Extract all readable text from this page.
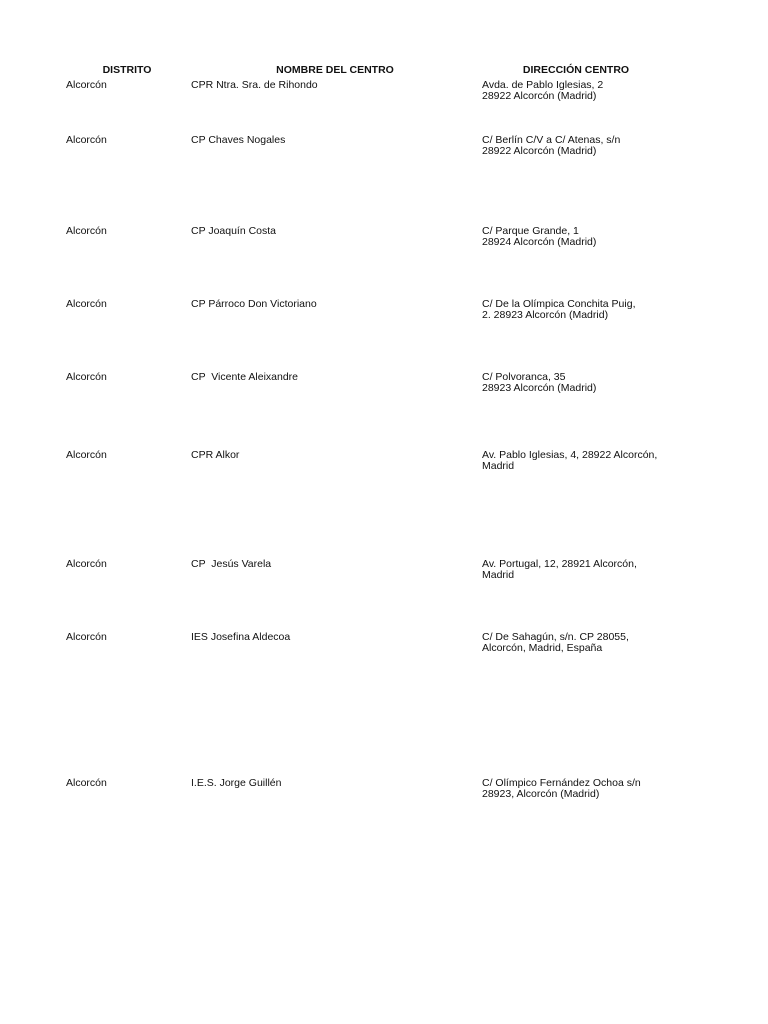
DISTRITO	NOMBRE DEL CENTRO	DIRECCIÓN CENTRO
Alcorcón	CPR Ntra. Sra. de Rihondo	Avda. de Pablo Iglesias, 2
28922 Alcorcón (Madrid)
Alcorcón	CP Chaves Nogales	C/ Berlín C/V a C/ Atenas, s/n
28922 Alcorcón (Madrid)
Alcorcón	CP Joaquín Costa	C/ Parque Grande, 1
28924 Alcorcón (Madrid)
Alcorcón	CP Párroco Don Victoriano	C/ De la Olímpica Conchita Puig,
2. 28923 Alcorcón (Madrid)
Alcorcón	CP  Vicente Aleixandre	C/ Polvoranca, 35
28923 Alcorcón (Madrid)
Alcorcón	CPR Alkor	Av. Pablo Iglesias, 4, 28922 Alcorcón,
Madrid
Alcorcón	CP  Jesús Varela	Av. Portugal, 12, 28921 Alcorcón,
Madrid
Alcorcón	IES Josefina Aldecoa	C/ De Sahagún, s/n. CP 28055,
Alcorcón, Madrid, España
Alcorcón	I.E.S. Jorge Guillén	C/ Olímpico Fernández Ochoa s/n
28923, Alcorcón (Madrid)
